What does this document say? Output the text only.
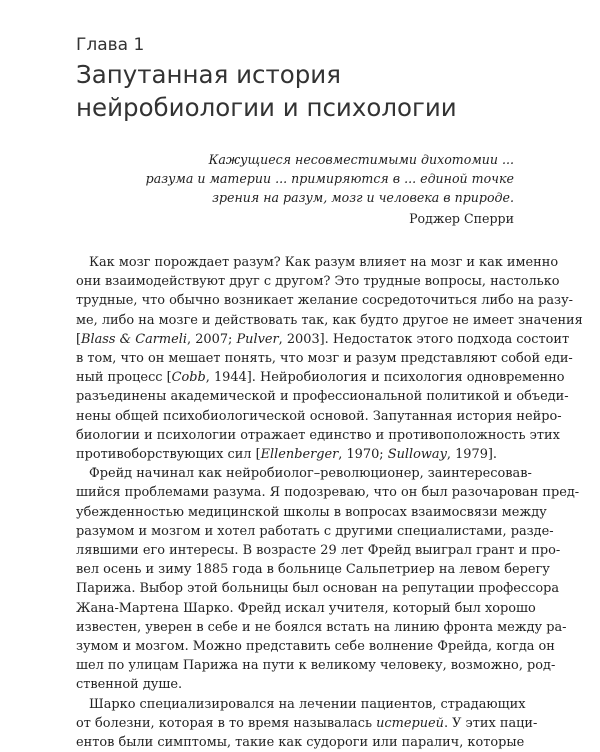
Глава 1
Запутанная история
нейробиологии и психологии
Кажущиеся несовместимыми дихотомии ...
разума и материи ... примиряются в ... единой точке
зрения на разум, мозг и человека в природе.
Роджер Сперри
Как мозг порождает разум? Как разум влияет на мозг и как именно
они взаимодействуют друг с другом? Это трудные вопросы, настолько
трудные, что обычно возникает желание сосредоточиться либо на разу-
ме, либо на мозге и действовать так, как будто другое не имеет значения
[Blass & Carmeli, 2007; Pulver, 2003]. Недостаток этого подхода состоит
в том, что он мешает понять, что мозг и разум представляют собой еди-
ный процесс [Cobb, 1944]. Нейробиология и психология одновременно
разъединены академической и профессиональной политикой и объеди-
нены общей психобиологической основой. Запутанная история нейро-
биологии и психологии отражает единство и противоположность этих
противоборствующих сил [Ellenberger, 1970; Sulloway, 1979].
Фрейд начинал как нейробиолог–революционер, заинтересовав-
шийся проблемами разума. Я подозреваю, что он был разочарован пред-
убежденностью медицинской школы в вопросах взаимосвязи между
разумом и мозгом и хотел работать с другими специалистами, разде-
лявшими его интересы. В возрасте 29 лет Фрейд выиграл грант и про-
вел осень и зиму 1885 года в больнице Сальпетриер на левом берегу
Парижа. Выбор этой больницы был основан на репутации профессора
Жана-Мартена Шарко. Фрейд искал учителя, который был хорошо
известен, уверен в себе и не боялся встать на линию фронта между ра-
зумом и мозгом. Можно представить себе волнение Фрейда, когда он
шел по улицам Парижа на пути к великому человеку, возможно, род-
ственной душе.
Шарко специализировался на лечении пациентов, страдающих
от болезни, которая в то время называлась истерией. У этих паци-
ентов были симптомы, такие как судороги или паралич, которые
